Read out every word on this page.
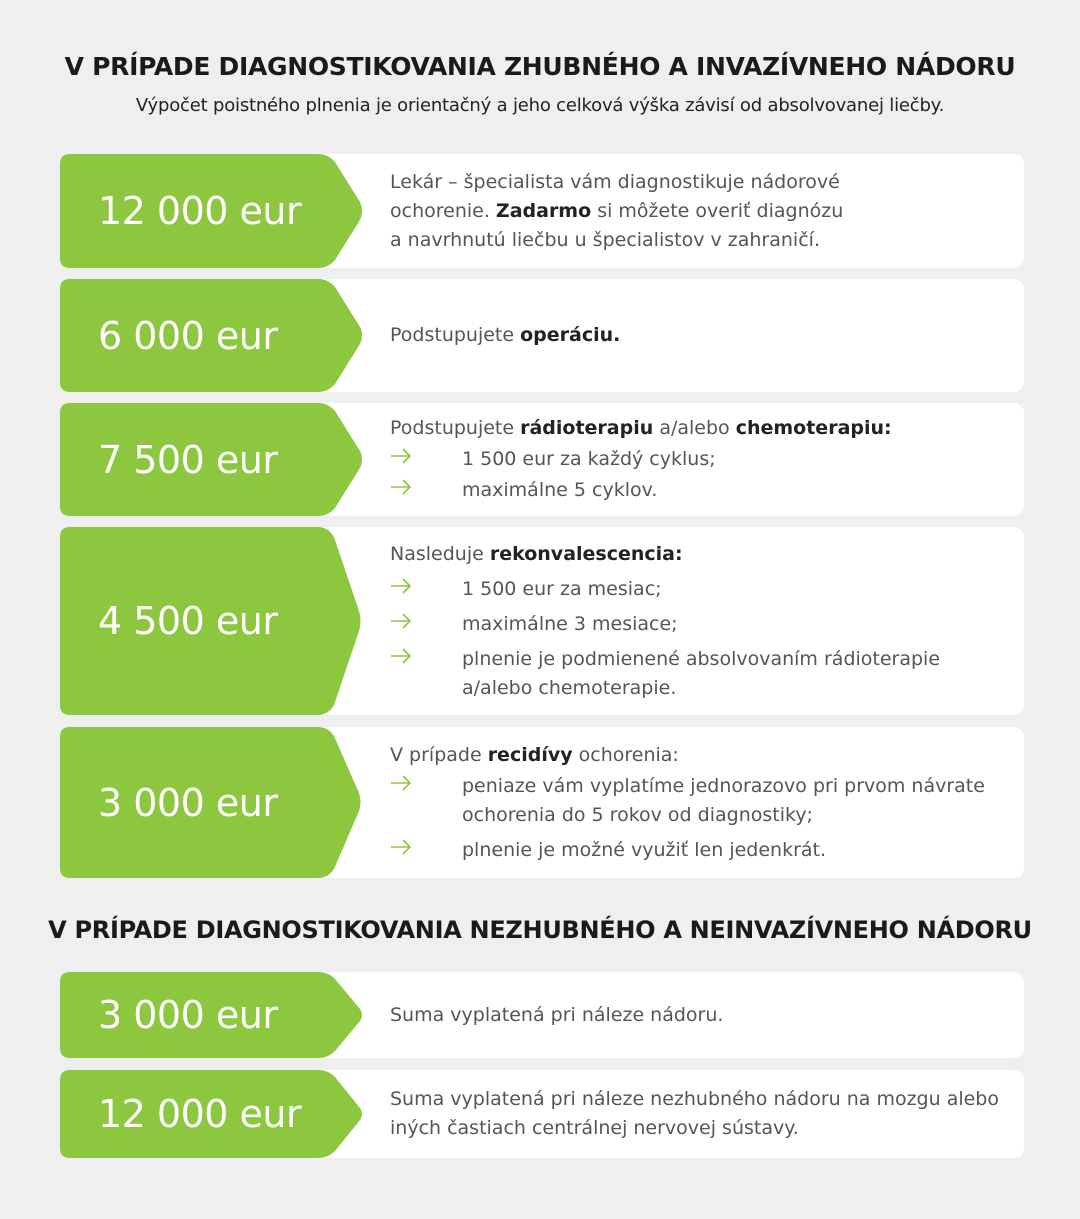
V PRÍPADE DIAGNOSTIKOVANIA ZHUBNÉHO A INVAZÍVNEHO NÁDORU
Výpočet poistného plnenia je orientačný a jeho celková výška závisí od absolvovanej liečby.
12 000 eur
Lekár – špecialista vám diagnostikuje nádorové
ochorenie. Zadarmo si môžete overiť diagnózu
a navrhnutú liečbu u špecialistov v zahraničí.
6 000 eur	Podstupujete operáciu.
7 500 eur
Podstupujete rádioterapiu a/alebo chemoterapiu:
1 500 eur za každý cyklus;
maximálne 5 cyklov.
4 500 eur
Nasleduje rekonvalescencia:
1 500 eur za mesiac;
maximálne 3 mesiace;
plnenie je podmienené absolvovaním rádioterapie a/alebo chemoterapie.
3 000 eur
V prípade recidívy ochorenia:
peniaze vám vyplatíme jednorazovo pri prvom návrate ochorenia do 5 rokov od diagnostiky;
plnenie je možné využiť len jedenkrát.
V PRÍPADE DIAGNOSTIKOVANIA NEZHUBNÉHO A NEINVAZÍVNEHO NÁDORU
3 000 eur	Suma vyplatená pri náleze nádoru.
12 000 eur	Suma vyplatená pri náleze nezhubného nádoru na mozgu alebo iných častiach centrálnej nervovej sústavy.
